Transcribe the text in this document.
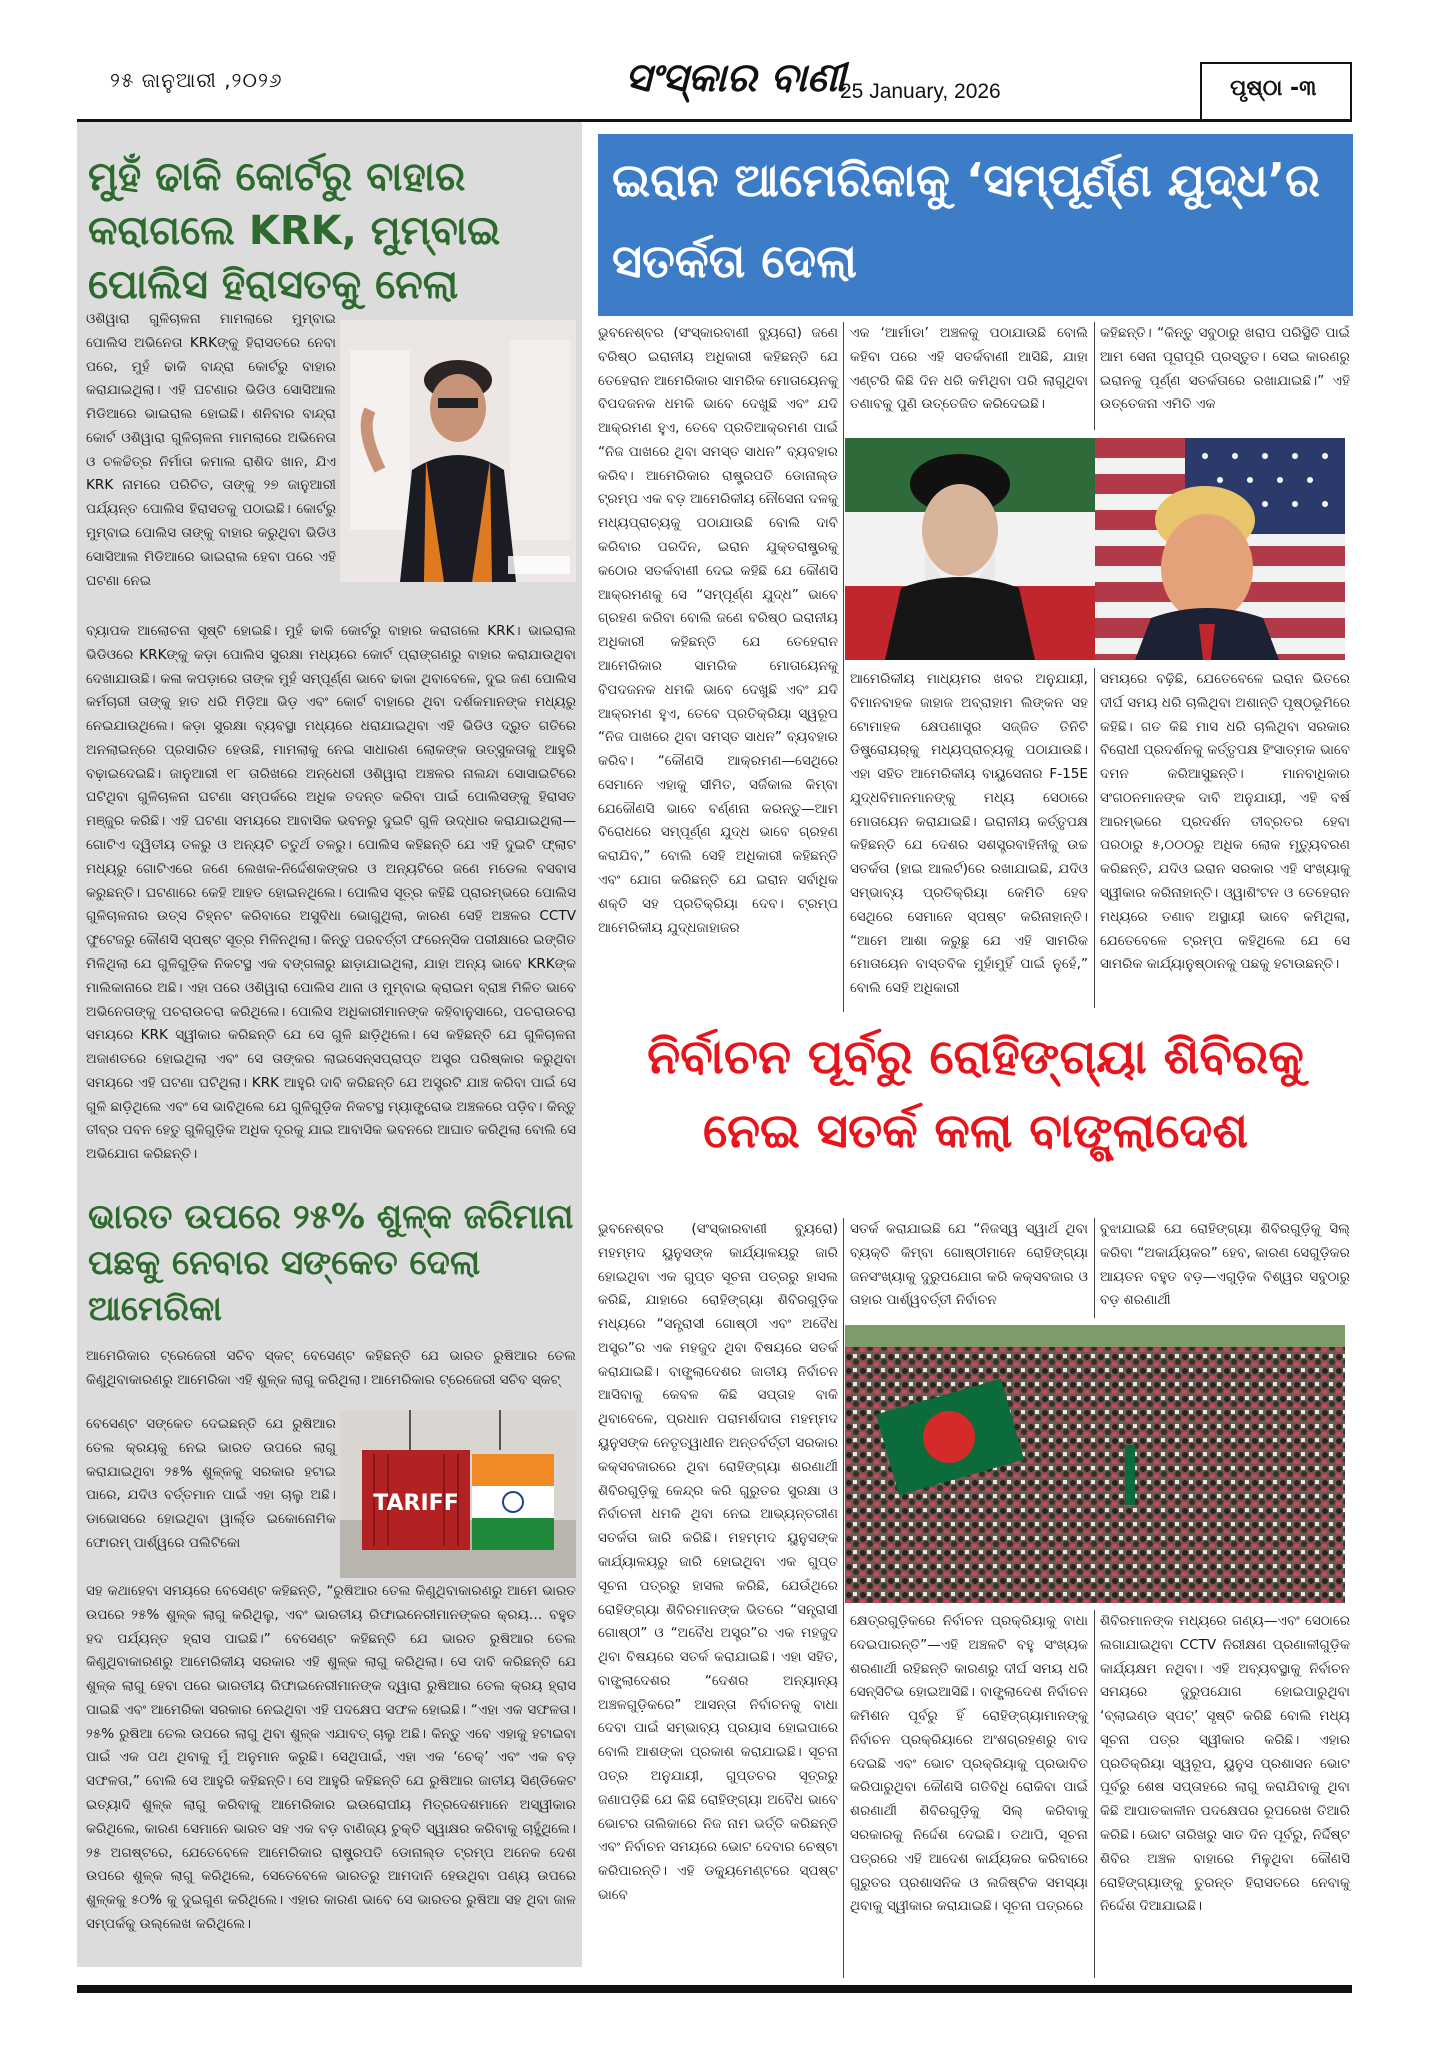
୨୫ ଜାନୁଆରୀ ,୨୦୨୬	ସଂସ୍କାର ବାଣୀ
25 January, 2026	ପୃଷ୍ଠା -୩
ମୁହଁ ଢାକି କୋର୍ଟରୁ ବାହାର କରାଗଲେ KRK, ମୁମ୍ବାଇ ପୋଲିସ ହିରାସତକୁ ନେଲା
ଓଶିୱାରା ଗୁଳିଚାଳନା ମାମଲାରେ ମୁମ୍ବାଇ ପୋଲିସ ଅଭିନେତା KRKଙ୍କୁ ହିରାସତରେ ନେବା ପରେ, ମୁହଁ ଢାକି ବାନ୍ଦ୍ରା କୋର୍ଟରୁ ବାହାର କରାଯାଇଥିଲା। ଏହି ଘଟଣାର ଭିଡିଓ ସୋସିଆଲ ମିଡିଆରେ ଭାଇରାଲ ହୋଇଛି। ଶନିବାର ବାନ୍ଦ୍ରା କୋର୍ଟ ଓଶିୱାରା ଗୁଳିଚାଳନା ମାମଲାରେ ଅଭିନେତା ଓ ଚଳଚ୍ଚିତ୍ର ନିର୍ମାତା କମାଲ ରାଶିଦ ଖାନ, ଯିଏ KRK ନାମରେ ପରିଚିତ, ତାଙ୍କୁ ୨୭ ଜାନୁଆରୀ ପର୍ଯ୍ୟନ୍ତ ପୋଲିସ ହିରାସତକୁ ପଠାଇଛି। କୋର୍ଟରୁ ମୁମ୍ବାଇ ପୋଲିସ ତାଙ୍କୁ ବାହାର କରୁଥିବା ଭିଡିଓ ସୋସିଆଲ ମିଡିଆରେ ଭାଇରାଲ ହେବା ପରେ ଏହି ଘଟଣା ନେଇ
ବ୍ୟାପକ ଆଲୋଚନା ସୃଷ୍ଟି ହୋଇଛି। ମୁହଁ ଢାକି କୋର୍ଟରୁ ବାହାର କରାଗଲେ KRK। ଭାଇରାଲ ଭିଡିଓରେ KRKଙ୍କୁ କଡ଼ା ପୋଲିସ ସୁରକ୍ଷା ମଧ୍ୟରେ କୋର୍ଟ ପ୍ରାଙ୍ଗଣରୁ ବାହାର କରାଯାଉଥିବା ଦେଖାଯାଉଛି। କଳା କପଡ଼ାରେ ତାଙ୍କ ମୁହଁ ସମ୍ପୂର୍ଣ୍ଣ ଭାବେ ଢାକା ଥିବାବେଳେ, ଦୁଇ ଜଣ ପୋଲିସ କର୍ମଚାରୀ ତାଙ୍କୁ ହାତ ଧରି ମିଡ଼ିଆ ଭିଡ଼ ଏବଂ କୋର୍ଟ ବାହାରେ ଥିବା ଦର୍ଶକମାନଙ୍କ ମଧ୍ୟରୁ ନେଇଯାଉଥିଲେ। କଡ଼ା ସୁରକ୍ଷା ବ୍ୟବସ୍ଥା ମଧ୍ୟରେ ଧରାଯାଇଥିବା ଏହି ଭିଡିଓ ଦ୍ରୁତ ଗତିରେ ଅନଲାଇନ୍‌ରେ ପ୍ରସାରିତ ହେଉଛି, ମାମଲାକୁ ନେଇ ସାଧାରଣ ଲୋକଙ୍କ ଉତ୍ସୁକତାକୁ ଆହୁରି ବଢ଼ାଇଦେଇଛି। ଜାନୁଆରୀ ୧୮ ତାରିଖରେ ଅନ୍ଧେରୀ ଓଶିୱାରା ଅଞ୍ଚଳର ନାଲନ୍ଦା ସୋସାଇଟିରେ ଘଟିଥିବା ଗୁଳିଚାଳନା ଘଟଣା ସମ୍ପର୍କରେ ଅଧିକ ତଦନ୍ତ କରିବା ପାଇଁ ପୋଲିସଙ୍କୁ ହିରାସତ ମଞ୍ଜୁର କରିଛି। ଏହି ଘଟଣା ସମୟରେ ଆବାସିକ ଭବନରୁ ଦୁଇଟି ଗୁଳି ଉଦ୍ଧାର କରାଯାଇଥିଲା—ଗୋଟିଏ ଦ୍ୱିତୀୟ ତଳରୁ ଓ ଅନ୍ୟଟି ଚତୁର୍ଥ ତଳରୁ। ପୋଲିସ କହିଛନ୍ତି ଯେ ଏହି ଦୁଇଟି ଫ୍ଲାଟ ମଧ୍ୟରୁ ଗୋଟିଏରେ ଜଣେ ଲେଖକ-ନିର୍ଦ୍ଦେଶକଙ୍କର ଓ ଅନ୍ୟଟିରେ ଜଣେ ମଡେଲ ବସବାସ କରୁଛନ୍ତି। ଘଟଣାରେ କେହି ଆହତ ହୋଇନଥିଲେ। ପୋଲିସ ସୂତ୍ର କହିଛି ପ୍ରାରମ୍ଭରେ ପୋଲିସ ଗୁଳିଚାଳନାର ଉତ୍ସ ଚିହ୍ନଟ କରିବାରେ ଅସୁବିଧା ଭୋଗୁଥିଲା, କାରଣ ସେହି ଅଞ୍ଚଳର CCTV ଫୁଟେଜରୁ କୌଣସି ସ୍ପଷ୍ଟ ସୂତ୍ର ମିଳିନଥିଲା। କିନ୍ତୁ ପରବର୍ତ୍ତୀ ଫରେନ୍ସିକ ପରୀକ୍ଷାରେ ଇଙ୍ଗିତ ମିଳିଥିଲା ଯେ ଗୁଳିଗୁଡ଼ିକ ନିକଟସ୍ଥ ଏକ ବଙ୍ଗଳାରୁ ଛାଡ଼ାଯାଇଥିଲା, ଯାହା ଅନ୍ୟ ଭାବେ KRKଙ୍କ ମାଲିକାନାରେ ଅଛି। ଏହା ପରେ ଓଶିୱାରା ପୋଲିସ ଥାନା ଓ ମୁମ୍ବାଇ କ୍ରାଇମ ବ୍ରାଞ୍ଚ ମିଳିତ ଭାବେ ଅଭିନେତାଙ୍କୁ ପଚରାଉଚରା କରିଥିଲେ। ପୋଲିସ ଅଧିକାରୀମାନଙ୍କ କହିବାନୁସାରେ, ପଚରାଉଚରା ସମୟରେ KRK ସ୍ୱୀକାର କରିଛନ୍ତି ଯେ ସେ ଗୁଳି ଛାଡ଼ିଥିଲେ। ସେ କହିଛନ୍ତି ଯେ ଗୁଳିଚାଳନା ଅଜାଣତରେ ହୋଇଥିଲା ଏବଂ ସେ ତାଙ୍କର ଲାଇସେନ୍ସପ୍ରାପ୍ତ ଅସ୍ତ୍ର ପରିଷ୍କାର କରୁଥିବା ସମୟରେ ଏହି ଘଟଣା ଘଟିଥିଲା। KRK ଆହୁରି ଦାବି କରିଛନ୍ତି ଯେ ଅସ୍ତ୍ରଟି ଯାଞ୍ଚ କରିବା ପାଇଁ ସେ ଗୁଳି ଛାଡ଼ିଥିଲେ ଏବଂ ସେ ଭାବିଥିଲେ ଯେ ଗୁଳିଗୁଡ଼ିକ ନିକଟସ୍ଥ ମ୍ୟାଙ୍ଗ୍ରୋଭ ଅଞ୍ଚଳରେ ପଡ଼ିବ। କିନ୍ତୁ ତୀବ୍ର ପବନ ହେତୁ ଗୁଳିଗୁଡ଼ିକ ଅଧିକ ଦୂରକୁ ଯାଇ ଆବାସିକ ଭବନରେ ଆଘାତ କରିଥିଲା ବୋଲି ସେ ଅଭିଯୋଗ କରିଛନ୍ତି।
ଭାରତ ଉପରେ ୨୫% ଶୁଳ୍କ ଜରିମାନା ପଛକୁ ନେବାର ସଙ୍କେତ ଦେଲା ଆମେରିକା
ଆମେରିକାର ଟ୍ରେଜେରୀ ସଚିବ ସ୍କଟ୍ ବେସେଣ୍ଟ କହିଛନ୍ତି ଯେ ଭାରତ ରୁଷିଆର ତେଲ କିଣୁଥିବାକାରଣରୁ ଆମେରିକା ଏହି ଶୁଳ୍କ ଲାଗୁ କରିଥିଲା। ଆମେରିକାର ଟ୍ରେଜେରୀ ସଚିବ ସ୍କଟ୍
ବେସେଣ୍ଟ ସଙ୍କେତ ଦେଇଛନ୍ତି ଯେ ରୁଷିଆର ତେଲ କ୍ରୟକୁ ନେଇ ଭାରତ ଉପରେ ଲାଗୁ କରାଯାଇଥିବା ୨୫% ଶୁଳ୍କକୁ ସରକାର ହଟାଇ ପାରେ, ଯଦିଓ ବର୍ତ୍ତମାନ ପାଇଁ ଏହା ଚାଲୁ ଅଛି। ଡାଭୋସରେ ହୋଇଥିବା ୱାର୍ଲ୍ଡ ଇକୋନୋମିକ ଫୋରମ୍ ପାର୍ଶ୍ୱରେ ପଲିଟିକୋ
TARIFF
ସହ କଥାହେବା ସମୟରେ ବେସେଣ୍ଟ କହିଛନ୍ତି, “ରୁଷିଆର ତେଲ କିଣୁଥିବାକାରଣରୁ ଆମେ ଭାରତ ଉପରେ ୨୫% ଶୁଳ୍କ ଲାଗୁ କରିଥିଲୁ, ଏବଂ ଭାରତୀୟ ରିଫାଇନେରୀମାନଙ୍କର କ୍ରୟ… ବହୁତ ହଦ ପର୍ଯ୍ୟନ୍ତ ହ୍ରାସ ପାଇଛି।” ବେସେଣ୍ଟ କହିଛନ୍ତି ଯେ ଭାରତ ରୁଷିଆର ତେଲ କିଣୁଥିବାକାରଣରୁ ଆମେରିକୀୟ ସରକାର ଏହି ଶୁଳ୍କ ଲାଗୁ କରିଥିଲା। ସେ ଦାବି କରିଛନ୍ତି ଯେ ଶୁଳ୍କ ଲାଗୁ ହେବା ପରେ ଭାରତୀୟ ରିଫାଇନେରୀମାନଙ୍କ ଦ୍ୱାରା ରୁଷିଆର ତେଲ କ୍ରୟ ହ୍ରାସ ପାଇଛି ଏବଂ ଆମେରିକା ସରକାର ନେଇଥିବା ଏହି ପଦକ୍ଷେପ ସଫଳ ହୋଇଛି। “ଏହା ଏକ ସଫଳତା। ୨୫% ରୁଷିଆ ତେଲ ଉପରେ ଲାଗୁ ଥିବା ଶୁଳ୍କ ଏଯାବତ୍ ଚାଲୁ ଅଛି। କିନ୍ତୁ ଏବେ ଏହାକୁ ହଟାଇବା ପାଇଁ ଏକ ପଥ ଥିବାକୁ ମୁଁ ଅନୁମାନ କରୁଛି। ସେଥିପାଇଁ, ଏହା ଏକ ‘ଚେକ୍’ ଏବଂ ଏକ ବଡ଼ ସଫଳତା,” ବୋଲି ସେ ଆହୁରି କହିଛନ୍ତି। ସେ ଆହୁରି କହିଛନ୍ତି ଯେ ରୁଷିଆର ଜାତୀୟ ସିଣ୍ଡିକେଟ ଇତ୍ୟାଦି ଶୁଳ୍କ ଲାଗୁ କରିବାକୁ ଆମେରିକାର ଇଉରୋପୀୟ ମିତ୍ରଦେଶମାନେ ଅସ୍ୱୀକାର କରିଥିଲେ, କାରଣ ସେମାନେ ଭାରତ ସହ ଏକ ବଡ଼ ବାଣିଜ୍ୟ ଚୁକ୍ତି ସ୍ୱାକ୍ଷର କରିବାକୁ ଚାହୁଁଥିଲେ। ୨୫ ଅଗଷ୍ଟରେ, ଯେତେବେଳେ ଆମେରିକାର ରାଷ୍ଟ୍ରପତି ଡୋନାଲ୍ଡ ଟ୍ରମ୍ପ ଅନେକ ଦେଶ ଉପରେ ଶୁଳ୍କ ଲାଗୁ କରିଥିଲେ, ସେତେବେଳେ ଭାରତରୁ ଆମଦାନି ହେଉଥିବା ପଣ୍ୟ ଉପରେ ଶୁଳ୍କକୁ ୫୦% କୁ ଦୁଇଗୁଣ କରିଥିଲେ। ଏହାର କାରଣ ଭାବେ ସେ ଭାରତର ରୁଷିଆ ସହ ଥିବା ଜାଳ ସମ୍ପର୍କକୁ ଉଲ୍ଲେଖ କରିଥିଲେ।
ଇରାନ ଆମେରିକାକୁ ‘ସମ୍ପୂର୍ଣ୍ଣ ଯୁଦ୍ଧ’ର ସତର୍କତା ଦେଲା
ଭୁବନେଶ୍ବର (ସଂସ୍କାରବାଣୀ ବ୍ୟୁରୋ) ଜଣେ ବରିଷ୍ଠ ଇରାନୀୟ ଅଧିକାରୀ କହିଛନ୍ତି ଯେ ତେହେରାନ ଆମେରିକାର ସାମରିକ ମୋତାୟେନକୁ ବିପଦଜନକ ଧମକି ଭାବେ ଦେଖୁଛି ଏବଂ ଯଦି ଆକ୍ରମଣ ହୁଏ, ତେବେ ପ୍ରତିଆକ୍ରମଣ ପାଇଁ “ନିଜ ପାଖରେ ଥିବା ସମସ୍ତ ସାଧନ” ବ୍ୟବହାର କରିବ। ଆମେରିକାର ରାଷ୍ଟ୍ରପତି ଡୋନାଲ୍ଡ ଟ୍ରମ୍ପ ଏକ ବଡ଼ ଆମେରିକୀୟ ନୌସେନା ଦଳକୁ ମଧ୍ୟପ୍ରାଚ୍ୟକୁ ପଠାଯାଉଛି ବୋଲି ଦାବି କରିବାର ପରଦିନ, ଇରାନ ଯୁକ୍ତରାଷ୍ଟ୍ରକୁ କଠୋର ସତର୍କବାଣୀ ଦେଇ କହିଛି ଯେ କୌଣସି ଆକ୍ରମଣକୁ ସେ “ସମ୍ପୂର୍ଣ୍ଣ ଯୁଦ୍ଧ” ଭାବେ ଗ୍ରହଣ କରିବା ବୋଲି ଜଣେ ବରିଷ୍ଠ ଇରାନୀୟ ଅଧିକାରୀ କହିଛନ୍ତି ଯେ ତେହେରାନ ଆମେରିକାର ସାମରିକ ମୋତାୟେନକୁ ବିପଦଜନକ ଧମକି ଭାବେ ଦେଖୁଛି ଏବଂ ଯଦି ଆକ୍ରମଣ ହୁଏ, ତେବେ ପ୍ରତିକ୍ରିୟା ସ୍ୱରୂପ “ନିଜ ପାଖରେ ଥିବା ସମସ୍ତ ସାଧନ” ବ୍ୟବହାର କରିବ। “କୌଣସି ଆକ୍ରମଣ—ସେଥିରେ ସେମାନେ ଏହାକୁ ସୀମିତ, ସର୍ଜିକାଲ କିମ୍ବା ଯେକୌଣସି ଭାବେ ବର୍ଣ୍ଣନା କରନ୍ତୁ—ଆମ ବିରୋଧରେ ସମ୍ପୂର୍ଣ୍ଣ ଯୁଦ୍ଧ ଭାବେ ଗ୍ରହଣ କରାଯିବ,” ବୋଲି ସେହି ଅଧିକାରୀ କହିଛନ୍ତି ଏବଂ ଯୋଗ କରିଛନ୍ତି ଯେ ଇରାନ ସର୍ବାଧିକ ଶକ୍ତି ସହ ପ୍ରତିକ୍ରିୟା ଦେବ। ଟ୍ରମ୍ପ ଆମେରିକୀୟ ଯୁଦ୍ଧଜାହାଜର
ଏକ ‘ଆର୍ମାଡା’ ଅଞ୍ଚଳକୁ ପଠାଯାଉଛି ବୋଲି କହିବା ପରେ ଏହି ସତର୍କବାଣୀ ଆସିଛି, ଯାହା ଏଣ୍ଟରି କିଛି ଦିନ ଧରି କମିଥିବା ପରି ଲାଗୁଥିବା ତଣାବକୁ ପୁଣି ଉତ୍ତେଜିତ କରିଦେଇଛି।
କହିଛନ୍ତି। “କିନ୍ତୁ ସବୁଠାରୁ ଖରାପ ପରିସ୍ଥିତି ପାଇଁ ଆମ ସେନା ପୂରାପୂରି ପ୍ରସ୍ତୁତ। ସେଇ କାରଣରୁ ଇରାନକୁ ପୂର୍ଣ୍ଣ ସତର୍କତାରେ ରଖାଯାଇଛି।” ଏହି ଉତ୍ତେଜନା ଏମିତି ଏକ
ଆମେରିକୀୟ ମାଧ୍ୟମର ଖବର ଅନୁଯାୟୀ, ବିମାନବାହକ ଜାହାଜ ଅବ୍ରାହାମ ଲିଙ୍କନ ସହ ଟୋମାହକ କ୍ଷେପଣାସ୍ତ୍ର ସଜ୍ଜିତ ତିନିଟି ଡିଷ୍ଟ୍ରୋୟର୍‌କୁ ମଧ୍ୟପ୍ରାଚ୍ୟକୁ ପଠାଯାଉଛି। ଏହା ସହିତ ଆମେରିକୀୟ ବାୟୁସେନାର F-15E ଯୁଦ୍ଧବିମାନମାନଙ୍କୁ ମଧ୍ୟ ସେଠାରେ ମୋତାୟେନ କରାଯାଇଛି। ଇରାନୀୟ କର୍ତ୍ତୃପକ୍ଷ କହିଛନ୍ତି ଯେ ଦେଶର ସଶସ୍ତ୍ରବାହିନୀକୁ ଉଚ୍ଚ ସତର୍କତା (ହାଇ ଆଲର୍ଟ)ରେ ରଖାଯାଇଛି, ଯଦିଓ ସମ୍ଭାବ୍ୟ ପ୍ରତିକ୍ରିୟା କେମିତି ହେବ ସେଥିରେ ସେମାନେ ସ୍ପଷ୍ଟ କରିନାହାନ୍ତି। “ଆମେ ଆଶା କରୁଛୁ ଯେ ଏହି ସାମରିକ ମୋତାୟେନ ବାସ୍ତବିକ ମୁହାଁମୁହିଁ ପାଇଁ ନୁହେଁ,” ବୋଲି ସେହି ଅଧିକାରୀ
ସମୟରେ ବଢ଼ିଛି, ଯେତେବେଳେ ଇରାନ ଭିତରେ ଦୀର୍ଘ ସମୟ ଧରି ଚାଲିଥିବା ଅଶାନ୍ତି ପୃଷ୍ଠଭୂମିରେ କହିଛି। ଗତ କିଛି ମାସ ଧରି ଚାଲିଥିବା ସରକାର ବିରୋଧୀ ପ୍ରଦର୍ଶନକୁ କର୍ତ୍ତୃପକ୍ଷ ହିଂସାତ୍ମକ ଭାବେ ଦମନ କରିଆସୁଛନ୍ତି। ମାନବାଧିକାର ସଂଗଠନମାନଙ୍କ ଦାବି ଅନୁଯାୟୀ, ଏହି ବର୍ଷ ଆରମ୍ଭରେ ପ୍ରଦର୍ଶନ ତୀବ୍ରତର ହେବା ପରଠାରୁ ୫,୦୦୦ରୁ ଅଧିକ ଲୋକ ମୃତ୍ୟୁବରଣ କରିଛନ୍ତି, ଯଦିଓ ଇରାନ ସରକାର ଏହି ସଂଖ୍ୟାକୁ ସ୍ୱୀକାର କରିନାହାନ୍ତି। ଓ୍ୱାଶିଂଟନ ଓ ତେହେରାନ ମଧ୍ୟରେ ତଣାବ ଅସ୍ଥାୟୀ ଭାବେ କମିଥିଲା, ଯେତେବେଳେ ଟ୍ରମ୍ପ କହିଥିଲେ ଯେ ସେ ସାମରିକ କାର୍ଯ୍ୟାନୁଷ୍ଠାନକୁ ପଛକୁ ହଟାଉଛନ୍ତି।
ନିର୍ବାଚନ ପୂର୍ବରୁ ରୋହିଙ୍ଗ୍ୟା ଶିବିରକୁ ନେଇ ସତର୍କ କଲା ବାଙ୍ଗ୍ଲାଦେଶ
ଭୁବନେଶ୍ବର (ସଂସ୍କାରବାଣୀ ବ୍ୟୁରୋ) ମହମ୍ମଦ ୟୁନୁସଙ୍କ କାର୍ଯ୍ୟାଳୟରୁ ଜାରି ହୋଇଥିବା ଏକ ଗୁପ୍ତ ସୂଚନା ପତ୍ରରୁ ହାସଲ କରିଛି, ଯାହାରେ ରୋହିଙ୍ଗ୍ୟା ଶିବିରଗୁଡ଼ିକ ମଧ୍ୟରେ “ସନ୍ତ୍ରାସୀ ଗୋଷ୍ଠୀ ଏବଂ ଅବୈଧ ଅସ୍ତ୍ର”ର ଏକ ମହଜୁଦ ଥିବା ବିଷୟରେ ସତର୍କ କରାଯାଇଛି। ବାଙ୍ଗ୍ଲାଦେଶର ଜାତୀୟ ନିର୍ବାଚନ ଆସିବାକୁ କେବଳ କିଛି ସପ୍ତାହ ବାକି ଥିବାବେଳେ, ପ୍ରଧାନ ପରାମର୍ଶଦାତା ମହମ୍ମଦ ୟୁନୁସଙ୍କ ନେତୃତ୍ୱାଧୀନ ଅନ୍ତର୍ବର୍ତ୍ତୀ ସରକାର କକ୍ସବଜାରରେ ଥିବା ରୋହିଙ୍ଗ୍ୟା ଶରଣାର୍ଥୀ ଶିବିରଗୁଡ଼ିକୁ କେନ୍ଦ୍ର କରି ଗୁରୁତର ସୁରକ୍ଷା ଓ ନିର୍ବାଚନୀ ଧମକି ଥିବା ନେଇ ଆଭ୍ୟନ୍ତରୀଣ ସତର୍କତା ଜାରି କରିଛି। ମହମ୍ମଦ ୟୁନୁସଙ୍କ କାର୍ଯ୍ୟାଳୟରୁ ଜାରି ହୋଇଥିବା ଏକ ଗୁପ୍ତ ସୂଚନା ପତ୍ରରୁ ହାସଲ କରିଛି, ଯେଉଁଥିରେ ରୋହିଙ୍ଗ୍ୟା ଶିବିରମାନଙ୍କ ଭିତରେ “ସନ୍ତ୍ରାସୀ ଗୋଷ୍ଠୀ” ଓ “ଅବୈଧ ଅସ୍ତ୍ର”ର ଏକ ମହଜୁଦ ଥିବା ବିଷୟରେ ସତର୍କ କରାଯାଇଛି। ଏହା ସହିତ, ବାଙ୍ଗ୍ଲାଦେଶର “ଦେଶର ଅନ୍ୟାନ୍ୟ ଅଞ୍ଚଳଗୁଡ଼ିକରେ” ଆସନ୍ତା ନିର୍ବାଚନକୁ ବାଧା ଦେବା ପାଇଁ ସମ୍ଭାବ୍ୟ ପ୍ରୟାସ ହୋଇପାରେ ବୋଲି ଆଶଙ୍କା ପ୍ରକାଶ କରାଯାଇଛି। ସୂଚନା ପତ୍ର ଅନୁଯାୟୀ, ଗୁପ୍ତଚର ସୂତ୍ରରୁ ଜଣାପଡ଼ିଛି ଯେ କିଛି ରୋହିଙ୍ଗ୍ୟା ଅବୈଧ ଭାବେ ଭୋଟର ତାଲିକାରେ ନିଜ ନାମ ଭର୍ତ୍ତି କରିଛନ୍ତି ଏବଂ ନିର୍ବାଚନ ସମୟରେ ଭୋଟ ଦେବାର ଚେଷ୍ଟା କରିପାରନ୍ତି। ଏହି ଡକ୍ୟୁମେଣ୍ଟରେ ସ୍ପଷ୍ଟ ଭାବେ
ସତର୍କ କରାଯାଇଛି ଯେ “ନିଜସ୍ୱ ସ୍ୱାର୍ଥ ଥିବା ବ୍ୟକ୍ତି କିମ୍ବା ଗୋଷ୍ଠୀମାନେ ରୋହିଙ୍ଗ୍ୟା ଜନସଂଖ୍ୟାକୁ ଦୁରୁପଯୋଗ କରି କକ୍ସବଜାର ଓ ତାହାର ପାର୍ଶ୍ୱବର୍ତ୍ତୀ ନିର୍ବାଚନ
ବୁଝାଯାଇଛି ଯେ ରୋହିଙ୍ଗ୍ୟା ଶିବିରଗୁଡ଼ିକୁ ସିଲ୍ କରିବା “ଅକାର୍ଯ୍ୟକର” ହେବ, କାରଣ ସେଗୁଡ଼ିକର ଆୟତନ ବହୁତ ବଡ଼—ଏଗୁଡ଼ିକ ବିଶ୍ୱର ସବୁଠାରୁ ବଡ଼ ଶରଣାର୍ଥୀ
କ୍ଷେତ୍ରଗୁଡ଼ିକରେ ନିର୍ବାଚନ ପ୍ରକ୍ରିୟାକୁ ବାଧା ଦେଇପାରନ୍ତି”—ଏହି ଅଞ୍ଚଳଟି ବହୁ ସଂଖ୍ୟକ ଶରଣାର୍ଥୀ ରହିଛନ୍ତି କାରଣରୁ ଦୀର୍ଘ ସମୟ ଧରି ସେନ୍ସିଟିଭ ହୋଇଆସିଛି। ବାଙ୍ଗ୍ଲାଦେଶ ନିର୍ବାଚନ କମିଶନ ପୂର୍ବରୁ ହିଁ ରୋହିଙ୍ଗ୍ୟାମାନଙ୍କୁ ନିର୍ବାଚନ ପ୍ରକ୍ରିୟାରେ ଅଂଶଗ୍ରହଣରୁ ବାଦ ଦେଇଛି ଏବଂ ଭୋଟ ପ୍ରକ୍ରିୟାକୁ ପ୍ରଭାବିତ କରିପାରୁଥିବା କୌଣସି ଗତିବିଧି ରୋକିବା ପାଇଁ ଶରଣାର୍ଥୀ ଶିବିରଗୁଡ଼ିକୁ ସିଲ୍ କରିବାକୁ ସରକାରକୁ ନିର୍ଦ୍ଦେଶ ଦେଇଛି। ତଥାପି, ସୂଚନା ପତ୍ରରେ ଏହି ଆଦେଶ କାର୍ଯ୍ୟକର କରିବାରେ ଗୁରୁତର ପ୍ରଶାସନିକ ଓ ଲଜିଷ୍ଟିକ ସମସ୍ୟା ଥିବାକୁ ସ୍ୱୀକାର କରାଯାଇଛି। ସୂଚନା ପତ୍ରରେ
ଶିବିରମାନଙ୍କ ମଧ୍ୟରେ ଗଣ୍ୟ—ଏବଂ ସେଠାରେ ଲଗାଯାଇଥିବା CCTV ନିରୀକ୍ଷଣ ପ୍ରଣାଳୀଗୁଡ଼ିକ କାର୍ଯ୍ୟକ୍ଷମ ନଥିବା। ଏହି ଅବ୍ୟବସ୍ଥାକୁ ନିର୍ବାଚନ ସମୟରେ ଦୁରୁପଯୋଗ ହୋଇପାରୁଥିବା ‘ବ୍ଲାଇଣ୍ଡ ସ୍ପଟ୍’ ସୃଷ୍ଟି କରିଛି ବୋଲି ମଧ୍ୟ ସୂଚନା ପତ୍ର ସ୍ୱୀକାର କରିଛି। ଏହାର ପ୍ରତିକ୍ରିୟା ସ୍ୱରୂପ, ୟୁନୁସ ପ୍ରଶାସନ ଭୋଟ ପୂର୍ବରୁ ଶେଷ ସପ୍ତାହରେ ଲାଗୁ କରାଯିବାକୁ ଥିବା କିଛି ଆପାତକାଳୀନ ପଦକ୍ଷେପର ରୂପରେଖ ତିଆରି କରିଛି। ଭୋଟ ତାରିଖରୁ ସାତ ଦିନ ପୂର୍ବରୁ, ନିର୍ଦ୍ଦିଷ୍ଟ ଶିବିର ଅଞ୍ଚଳ ବାହାରେ ମିଳୁଥିବା କୌଣସି ରୋହିଙ୍ଗ୍ୟାଙ୍କୁ ତୁରନ୍ତ ହିରାସତରେ ନେବାକୁ ନିର୍ଦ୍ଦେଶ ଦିଆଯାଇଛି।
